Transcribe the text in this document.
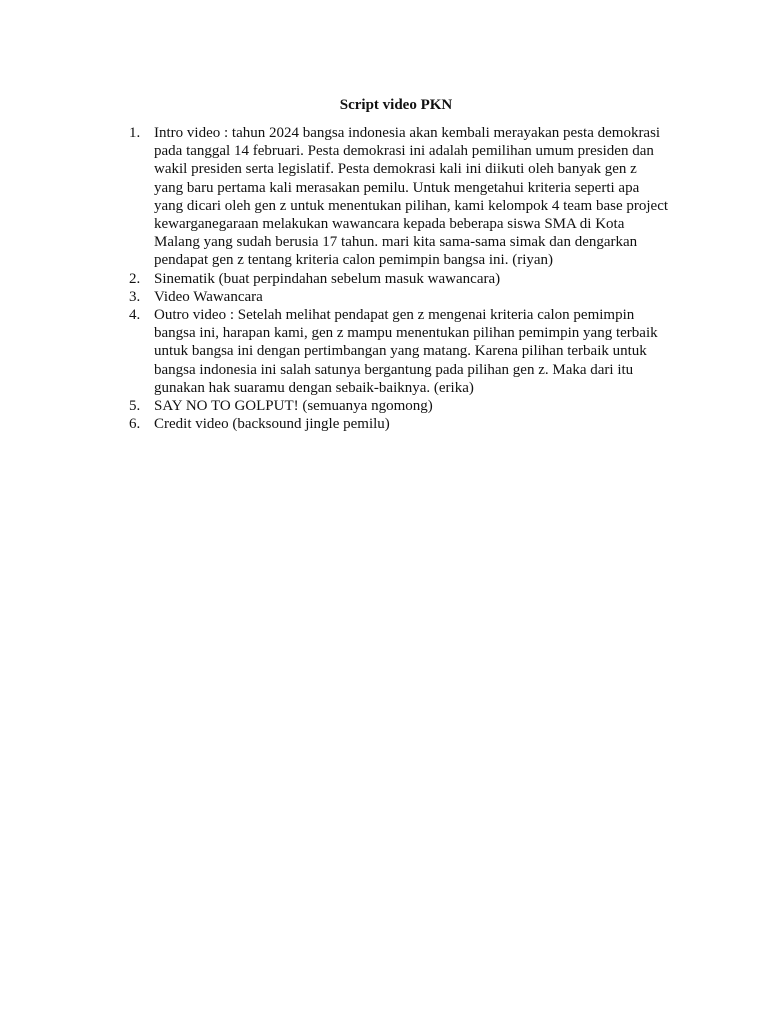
Script video PKN
1. Intro video : tahun 2024 bangsa indonesia akan kembali merayakan pesta demokrasi pada tanggal 14 februari. Pesta demokrasi ini adalah pemilihan umum presiden dan wakil presiden serta legislatif. Pesta demokrasi kali ini diikuti oleh banyak gen z yang baru pertama kali merasakan pemilu. Untuk mengetahui kriteria seperti apa yang dicari oleh gen z untuk menentukan pilihan, kami kelompok 4 team base project kewarganegaraan melakukan wawancara kepada beberapa siswa SMA di Kota Malang yang sudah berusia 17 tahun. mari kita sama-sama simak dan dengarkan pendapat gen z tentang kriteria calon pemimpin bangsa ini. (riyan)
2. Sinematik (buat perpindahan sebelum masuk wawancara)
3. Video Wawancara
4. Outro video : Setelah melihat pendapat gen z mengenai kriteria calon pemimpin bangsa ini, harapan kami, gen z mampu menentukan pilihan pemimpin yang terbaik untuk bangsa ini dengan pertimbangan yang matang. Karena pilihan terbaik untuk bangsa indonesia ini salah satunya bergantung pada pilihan gen z. Maka dari itu gunakan hak suaramu dengan sebaik-baiknya. (erika)
5. SAY NO TO GOLPUT! (semuanya ngomong)
6. Credit video (backsound jingle pemilu)
